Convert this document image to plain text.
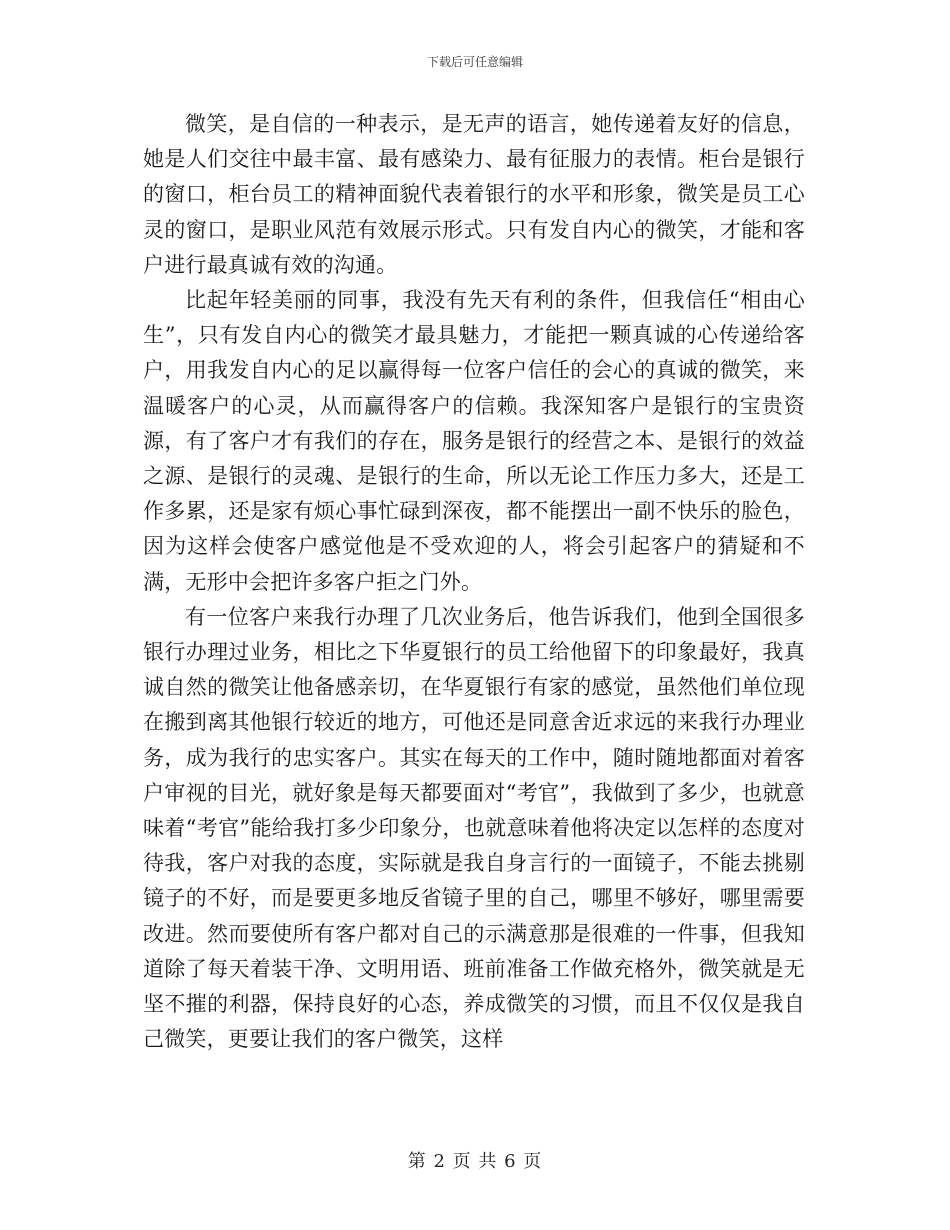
下载后可任意编辑

微笑，是自信的一种表示，是无声的语言，她传递着友好的信息，她是人们交往中最丰富、最有感染力、最有征服力的表情。柜台是银行的窗口，柜台员工的精神面貌代表着银行的水平和形象，微笑是员工心灵的窗口，是职业风范有效展示形式。只有发自内心的微笑，才能和客户进行最真诚有效的沟通。

比起年轻美丽的同事，我没有先天有利的条件，但我信任“相由心生”，只有发自内心的微笑才最具魅力，才能把一颗真诚的心传递给客户，用我发自内心的足以赢得每一位客户信任的会心的真诚的微笑，来温暖客户的心灵，从而赢得客户的信赖。我深知客户是银行的宝贵资源，有了客户才有我们的存在，服务是银行的经营之本、是银行的效益之源、是银行的灵魂、是银行的生命，所以无论工作压力多大，还是工作多累，还是家有烦心事忙碌到深夜，都不能摆出一副不快乐的脸色，因为这样会使客户感觉他是不受欢迎的人，将会引起客户的猜疑和不满，无形中会把许多客户拒之门外。

有一位客户来我行办理了几次业务后，他告诉我们，他到全国很多银行办理过业务，相比之下华夏银行的员工给他留下的印象最好，我真诚自然的微笑让他备感亲切，在华夏银行有家的感觉，虽然他们单位现在搬到离其他银行较近的地方，可他还是同意舍近求远的来我行办理业务，成为我行的忠实客户。其实在每天的工作中，随时随地都面对着客户审视的目光，就好象是每天都要面对“考官”，我做到了多少，也就意味着“考官”能给我打多少印象分，也就意味着他将决定以怎样的态度对待我，客户对我的态度，实际就是我自身言行的一面镜子，不能去挑剔镜子的不好，而是要更多地反省镜子里的自己，哪里不够好，哪里需要改进。然而要使所有客户都对自己的示满意那是很难的一件事，但我知道除了每天着装干净、文明用语、班前准备工作做充格外，微笑就是无坚不摧的利器，保持良好的心态，养成微笑的习惯，而且不仅仅是我自己微笑，更要让我们的客户微笑，这样

第 2 页 共 6 页
